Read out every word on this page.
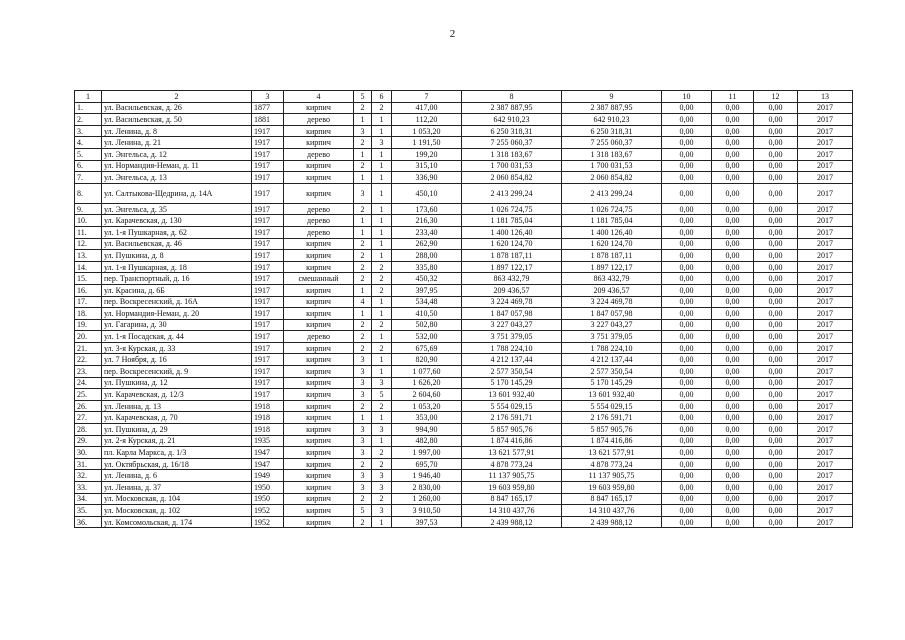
2
1	2	3	4	5	6	7	8	9	10	11	12	13
1.	ул. Васильевская, д. 26	1877	кирпич	2	2	417,00	2 387 887,95	2 387 887,95	0,00	0,00	0,00	2017
2.	ул. Васильевская, д. 50	1881	дерево	1	1	112,20	642 910,23	642 910,23	0,00	0,00	0,00	2017
3.	ул. Ленина, д. 8	1917	кирпич	3	1	1 053,20	6 250 318,31	6 250 318,31	0,00	0,00	0,00	2017
4.	ул. Ленина, д. 21	1917	кирпич	2	3	1 191,50	7 255 060,37	7 255 060,37	0,00	0,00	0,00	2017
5.	ул. Энгельса, д. 12	1917	дерево	1	1	199,20	1 318 183,67	1 318 183,67	0,00	0,00	0,00	2017
6.	ул. Нормандия-Неман, д. 11	1917	кирпич	2	1	315,10	1 700 031,53	1 700 031,53	0,00	0,00	0,00	2017
7.	ул. Энгельса, д. 13	1917	кирпич	1	1	336,90	2 060 854,82	2 060 854,82	0,00	0,00	0,00	2017
8.	ул. Салтыкова-Щедрина, д. 14А	1917	кирпич	3	1	450,10	2 413 299,24	2 413 299,24	0,00	0,00	0,00	2017
9.	ул. Энгельса, д. 35	1917	дерево	2	1	173,60	1 026 724,75	1 026 724,75	0,00	0,00	0,00	2017
10.	ул. Карачевская, д. 130	1917	дерево	1	1	216,30	1 181 785,04	1 181 785,04	0,00	0,00	0,00	2017
11.	ул. 1-я Пушкарная, д. 62	1917	дерево	1	1	233,40	1 400 126,40	1 400 126,40	0,00	0,00	0,00	2017
12.	ул. Васильевская, д. 46	1917	кирпич	2	1	262,90	1 620 124,70	1 620 124,70	0,00	0,00	0,00	2017
13.	ул. Пушкина, д. 8	1917	кирпич	2	1	288,00	1 878 187,11	1 878 187,11	0,00	0,00	0,00	2017
14.	ул. 1-я Пушкарная, д. 18	1917	кирпич	2	2	335,80	1 897 122,17	1 897 122,17	0,00	0,00	0,00	2017
15.	пер. Транспортный, д. 16	1917	смешанный	2	2	450,32	863 432,79	863 432,79	0,00	0,00	0,00	2017
16.	ул. Красина, д. 6Б	1917	кирпич	1	2	397,95	209 436,57	209 436,57	0,00	0,00	0,00	2017
17.	пер. Воскресенский, д. 16А	1917	кирпич	4	1	534,48	3 224 469,78	3 224 469,78	0,00	0,00	0,00	2017
18.	ул. Нормандия-Неман, д. 20	1917	кирпич	1	1	410,50	1 847 057,98	1 847 057,98	0,00	0,00	0,00	2017
19.	ул. Гагарина, д. 30	1917	кирпич	2	2	502,80	3 227 043,27	3 227 043,27	0,00	0,00	0,00	2017
20.	ул. 1-я Посадская, д. 44	1917	дерево	2	1	532,00	3 751 379,05	3 751 379,05	0,00	0,00	0,00	2017
21.	ул. 3-я Курская, д. 33	1917	кирпич	2	2	675,69	1 788 224,10	1 788 224,10	0,00	0,00	0,00	2017
22.	ул. 7 Ноября, д. 16	1917	кирпич	3	1	820,90	4 212 137,44	4 212 137,44	0,00	0,00	0,00	2017
23.	пер. Воскресенский, д. 9	1917	кирпич	3	1	1 077,60	2 577 350,54	2 577 350,54	0,00	0,00	0,00	2017
24.	ул. Пушкина, д. 12	1917	кирпич	3	3	1 626,20	5 170 145,29	5 170 145,29	0,00	0,00	0,00	2017
25.	ул. Карачевская, д. 12/3	1917	кирпич	3	5	2 604,60	13 601 932,40	13 601 932,40	0,00	0,00	0,00	2017
26.	ул. Ленина, д. 13	1918	кирпич	2	2	1 053,20	5 554 029,15	5 554 029,15	0,00	0,00	0,00	2017
27.	ул. Карачевская, д. 70	1918	кирпич	1	1	353,00	2 176 591,71	2 176 591,71	0,00	0,00	0,00	2017
28.	ул. Пушкина, д. 29	1918	кирпич	3	3	994,90	5 857 905,76	5 857 905,76	0,00	0,00	0,00	2017
29.	ул. 2-я Курская, д. 21	1935	кирпич	3	1	482,80	1 874 416,86	1 874 416,86	0,00	0,00	0,00	2017
30.	пл. Карла Маркса, д. 1/3	1947	кирпич	3	2	1 997,00	13 621 577,91	13 621 577,91	0,00	0,00	0,00	2017
31.	ул. Октябрьская, д. 16/18	1947	кирпич	2	2	695,70	4 878 773,24	4 878 773,24	0,00	0,00	0,00	2017
32.	ул. Ленина, д. 6	1949	кирпич	3	3	1 946,40	11 137 905,75	11 137 905,75	0,00	0,00	0,00	2017
33.	ул. Ленина, д. 37	1950	кирпич	3	3	2 830,00	19 603 959,80	19 603 959,80	0,00	0,00	0,00	2017
34.	ул. Московская, д. 104	1950	кирпич	2	2	1 260,00	8 847 165,17	8 847 165,17	0,00	0,00	0,00	2017
35.	ул. Московская, д. 102	1952	кирпич	5	3	3 910,50	14 310 437,76	14 310 437,76	0,00	0,00	0,00	2017
36.	ул. Комсомольская, д. 174	1952	кирпич	2	1	397,53	2 439 988,12	2 439 988,12	0,00	0,00	0,00	2017
